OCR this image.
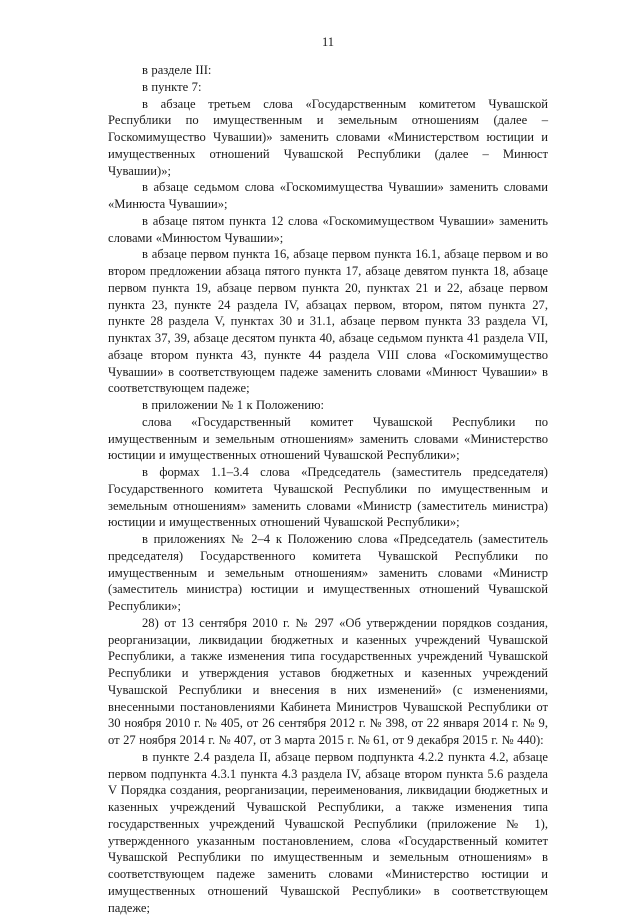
11

в разделе III:

в пункте 7:

в абзаце третьем слова «Государственным комитетом Чувашской Республики по имущественным и земельным отношениям (далее – Госкомимущество Чувашии)» заменить словами «Министерством юстиции и имущественных отношений Чувашской Республики (далее – Минюст Чувашии)»;

в абзаце седьмом слова «Госкомимущества Чувашии» заменить словами «Минюста Чувашии»;

в абзаце пятом пункта 12 слова «Госкомимуществом Чувашии» заменить словами «Минюстом Чувашии»;

в абзаце первом пункта 16, абзаце первом пункта 16.1, абзаце первом и во втором предложении абзаца пятого пункта 17, абзаце девятом пункта 18, абзаце первом пункта 19, абзаце первом пункта 20, пунктах 21 и 22, абзаце первом пункта 23, пункте 24 раздела IV, абзацах первом, втором, пятом пункта 27, пункте 28 раздела V, пунктах 30 и 31.1, абзаце первом пункта 33 раздела VI, пунктах 37, 39, абзаце десятом пункта 40, абзаце седьмом пункта 41 раздела VII, абзаце втором пункта 43, пункте 44 раздела VIII слова «Госкомимущество Чувашии» в соответствующем падеже заменить словами «Минюст Чувашии» в соответствующем падеже;

в приложении № 1 к Положению:

слова «Государственный комитет Чувашской Республики по имущественным и земельным отношениям» заменить словами «Министерство юстиции и имущественных отношений Чувашской Республики»;

в формах 1.1–3.4 слова «Председатель (заместитель председателя) Государственного комитета Чувашской Республики по имущественным и земельным отношениям» заменить словами «Министр (заместитель министра) юстиции и имущественных отношений Чувашской Республики»;

в приложениях № 2–4 к Положению слова «Председатель (заместитель председателя) Государственного комитета Чувашской Республики по имущественным и земельным отношениям» заменить словами «Министр (заместитель министра) юстиции и имущественных отношений Чувашской Республики»;

28) от 13 сентября 2010 г. № 297 «Об утверждении порядков создания, реорганизации, ликвидации бюджетных и казенных учреждений Чувашской Республики, а также изменения типа государственных учреждений Чувашской Республики и утверждения уставов бюджетных и казенных учреждений Чувашской Республики и внесения в них изменений» (с изменениями, внесенными постановлениями Кабинета Министров Чувашской Республики от 30 ноября 2010 г. № 405, от 26 сентября 2012 г. № 398, от 22 января 2014 г. № 9, от 27 ноября 2014 г. № 407, от 3 марта 2015 г. № 61, от 9 декабря 2015 г. № 440):

в пункте 2.4 раздела II, абзаце первом подпункта 4.2.2 пункта 4.2, абзаце первом подпункта 4.3.1 пункта 4.3 раздела IV, абзаце втором пункта 5.6 раздела V Порядка создания, реорганизации, переименования, ликвидации бюджетных и казенных учреждений Чувашской Республики, а также изменения типа государственных учреждений Чувашской Республики (приложение № 1), утвержденного указанным постановлением, слова «Государственный комитет Чувашской Республики по имущественным и земельным отношениям» в соответствующем падеже заменить словами «Министерство юстиции и имущественных отношений Чувашской Республики» в соответствующем падеже;
